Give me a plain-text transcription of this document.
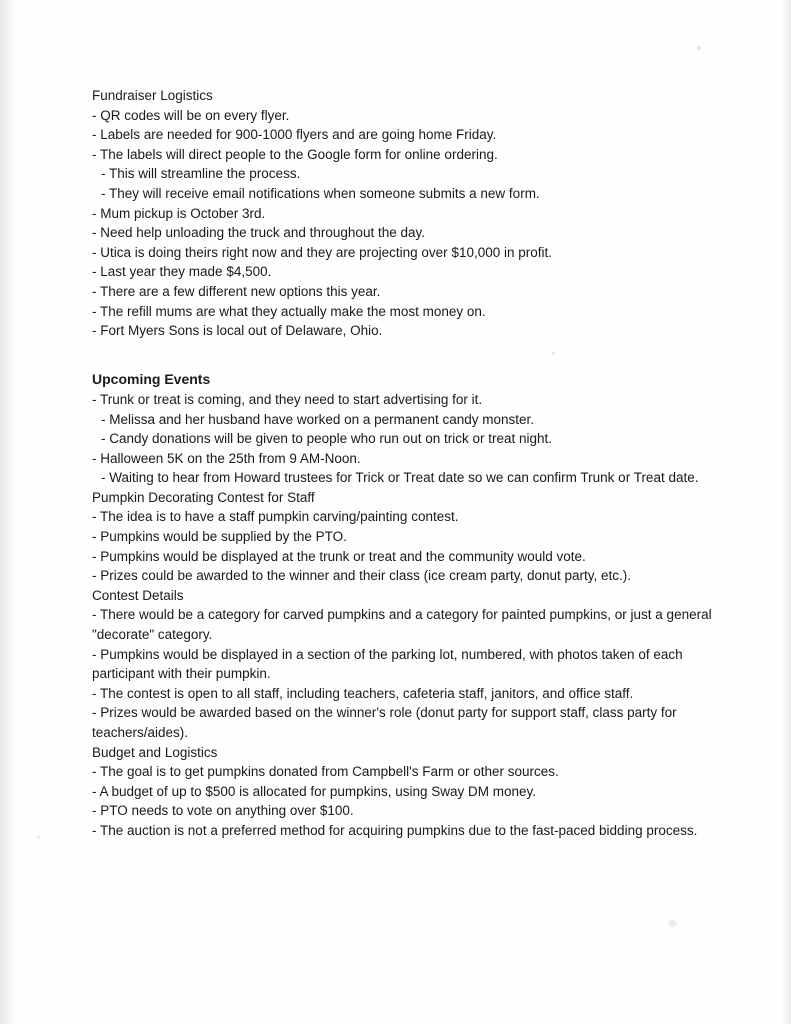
Fundraiser Logistics

- QR codes will be on every flyer.

- Labels are needed for 900-1000 flyers and are going home Friday.

- The labels will direct people to the Google form for online ordering.

- This will streamline the process.

- They will receive email notifications when someone submits a new form.

- Mum pickup is October 3rd.

- Need help unloading the truck and throughout the day.

- Utica is doing theirs right now and they are projecting over $10,000 in profit.

- Last year they made $4,500.

- There are a few different new options this year.

- The refill mums are what they actually make the most money on.

- Fort Myers Sons is local out of Delaware, Ohio.

Upcoming Events

- Trunk or treat is coming, and they need to start advertising for it.

- Melissa and her husband have worked on a permanent candy monster.

- Candy donations will be given to people who run out on trick or treat night.

- Halloween 5K on the 25th from 9 AM-Noon.

- Waiting to hear from Howard trustees for Trick or Treat date so we can confirm Trunk or Treat date.

Pumpkin Decorating Contest for Staff

- The idea is to have a staff pumpkin carving/painting contest.

- Pumpkins would be supplied by the PTO.

- Pumpkins would be displayed at the trunk or treat and the community would vote.

- Prizes could be awarded to the winner and their class (ice cream party, donut party, etc.).

Contest Details

- There would be a category for carved pumpkins and a category for painted pumpkins, or just a general "decorate" category.

- Pumpkins would be displayed in a section of the parking lot, numbered, with photos taken of each participant with their pumpkin.

- The contest is open to all staff, including teachers, cafeteria staff, janitors, and office staff.

- Prizes would be awarded based on the winner's role (donut party for support staff, class party for teachers/aides).

Budget and Logistics

- The goal is to get pumpkins donated from Campbell's Farm or other sources.

- A budget of up to $500 is allocated for pumpkins, using Sway DM money.

- PTO needs to vote on anything over $100.

- The auction is not a preferred method for acquiring pumpkins due to the fast-paced bidding process.
